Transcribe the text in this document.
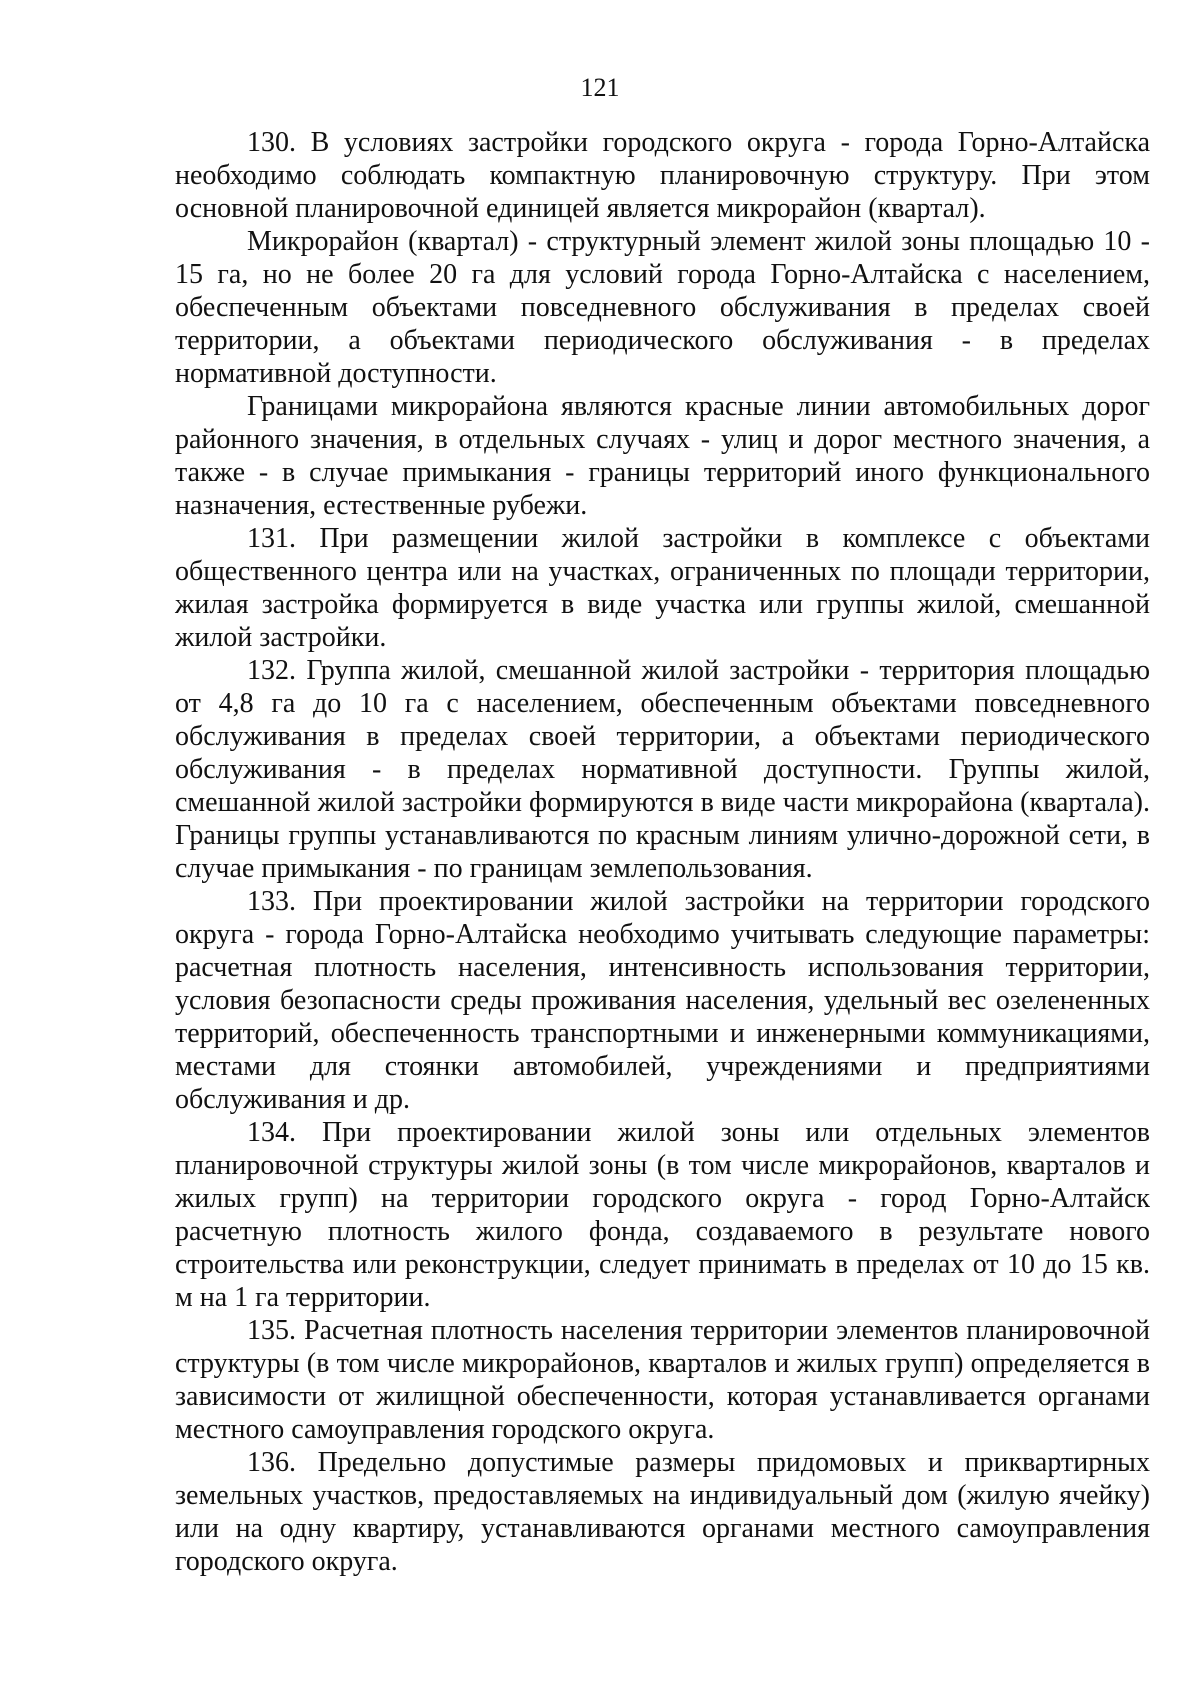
121

130. В условиях застройки городского округа - города Горно-Алтайска необходимо соблюдать компактную планировочную структуру. При этом основной планировочной единицей является микрорайон (квартал).

Микрорайон (квартал) - структурный элемент жилой зоны площадью 10 - 15 га, но не более 20 га для условий города Горно-Алтайска с населением, обеспеченным объектами повседневного обслуживания в пределах своей территории, а объектами периодического обслуживания - в пределах нормативной доступности.

Границами микрорайона являются красные линии автомобильных дорог районного значения, в отдельных случаях - улиц и дорог местного значения, а также - в случае примыкания - границы территорий иного функционального назначения, естественные рубежи.

131. При размещении жилой застройки в комплексе с объектами общественного центра или на участках, ограниченных по площади территории, жилая застройка формируется в виде участка или группы жилой, смешанной жилой застройки.

132. Группа жилой, смешанной жилой застройки - территория площадью от 4,8 га до 10 га с населением, обеспеченным объектами повседневного обслуживания в пределах своей территории, а объектами периодического обслуживания - в пределах нормативной доступности. Группы жилой, смешанной жилой застройки формируются в виде части микрорайона (квартала). Границы группы устанавливаются по красным линиям улично-дорожной сети, в случае примыкания - по границам землепользования.

133. При проектировании жилой застройки на территории городского округа - города Горно-Алтайска необходимо учитывать следующие параметры: расчетная плотность населения, интенсивность использования территории, условия безопасности среды проживания населения, удельный вес озелененных территорий, обеспеченность транспортными и инженерными коммуникациями, местами для стоянки автомобилей, учреждениями и предприятиями обслуживания и др.

134. При проектировании жилой зоны или отдельных элементов планировочной структуры жилой зоны (в том числе микрорайонов, кварталов и жилых групп) на территории городского округа - город Горно-Алтайск расчетную плотность жилого фонда, создаваемого в результате нового строительства или реконструкции, следует принимать в пределах от 10 до 15 кв. м на 1 га территории.

135. Расчетная плотность населения территории элементов планировочной структуры (в том числе микрорайонов, кварталов и жилых групп) определяется в зависимости от жилищной обеспеченности, которая устанавливается органами местного самоуправления городского округа.

136. Предельно допустимые размеры придомовых и приквартирных земельных участков, предоставляемых на индивидуальный дом (жилую ячейку) или на одну квартиру, устанавливаются органами местного самоуправления городского округа.
